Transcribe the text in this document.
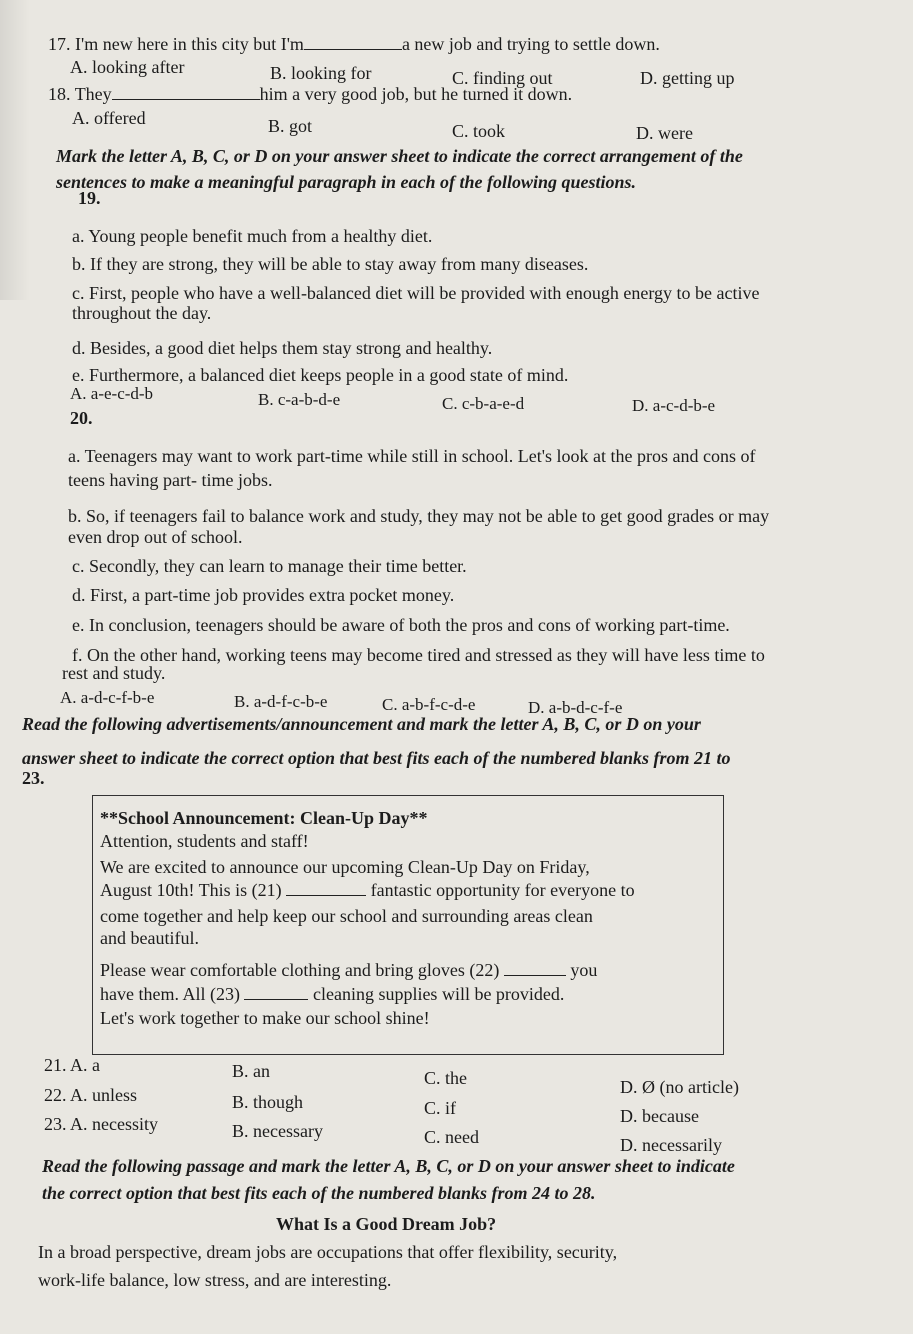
17. I'm new here in this city but I'm	a new job and trying to settle down.
A. looking after	B. looking for	C. finding out	D. getting up
18. They	him a very good job, but he turned it down.
A. offered	B. got	C. took	D. were
Mark the letter A, B, C, or D on your answer sheet to indicate the correct arrangement of the
sentences to make a meaningful paragraph in each of the following questions.
19.
a. Young people benefit much from a healthy diet.
b. If they are strong, they will be able to stay away from many diseases.
c. First, people who have a well-balanced diet will be provided with enough energy to be active
throughout the day.
d. Besides, a good diet helps them stay strong and healthy.
e. Furthermore, a balanced diet keeps people in a good state of mind.
A. a-e-c-d-b	B. c-a-b-d-e	C. c-b-a-e-d	D. a-c-d-b-e
20.
a. Teenagers may want to work part-time while still in school. Let's look at the pros and cons of
teens having part- time jobs.
b. So, if teenagers fail to balance work and study, they may not be able to get good grades or may
even drop out of school.
c. Secondly, they can learn to manage their time better.
d. First, a part-time job provides extra pocket money.
e. In conclusion, teenagers should be aware of both the pros and cons of working part-time.
f. On the other hand, working teens may become tired and stressed as they will have less time to
rest and study.
A. a-d-c-f-b-e	B. a-d-f-c-b-e	C. a-b-f-c-d-e	D. a-b-d-c-f-e
Read the following advertisements/announcement and mark the letter A, B, C, or D on your
answer sheet to indicate the correct option that best fits each of the numbered blanks from 21 to
23.
**School Announcement: Clean-Up Day**
Attention, students and staff!
We are excited to announce our upcoming Clean-Up Day on Friday,
August 10th! This is (21)	fantastic opportunity for everyone to
come together and help keep our school and surrounding areas clean
and beautiful.
Please wear comfortable clothing and bring gloves (22)	you
have them. All (23)	cleaning supplies will be provided.
Let's work together to make our school shine!
21. A. a	B. an	C. the	D. Ø (no article)
22. A. unless	B. though	C. if	D. because
23. A. necessity	B. necessary	C. need	D. necessarily
Read the following passage and mark the letter A, B, C, or D on your answer sheet to indicate
the correct option that best fits each of the numbered blanks from 24 to 28.
What Is a Good Dream Job?
In a broad perspective, dream jobs are occupations that offer flexibility, security,
work-life balance, low stress, and are interesting.
